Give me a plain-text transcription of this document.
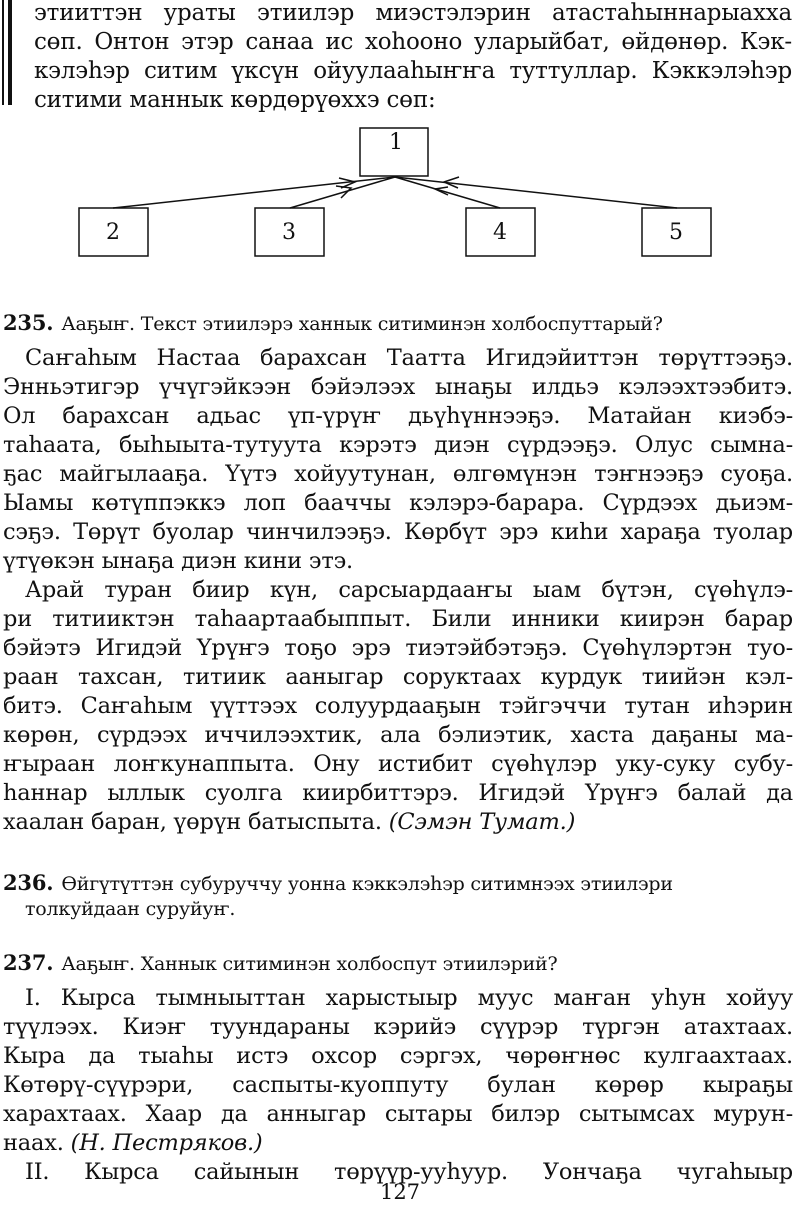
этииттэн ураты этиилэр миэстэлэрин атастаһыннарыахха
сөп. Онтон этэр санаа ис хоһооно уларыйбат, өйдөнөр. Кэк-
кэлэһэр ситим үксүн ойуулааһыҥҥа туттуллар. Кэккэлэһэр
ситими маннык көрдөрүөххэ сөп:
1
2	3	4	5
235. Ааҕыҥ. Текст этиилэрэ ханнык ситиминэн холбоспуттарый?
Саҥаһым Настаа барахсан Таатта Игидэйиттэн төрүттээҕэ.
Энньэтигэр үчүгэйкээн бэйэлээх ынаҕы илдьэ кэлээхтээбитэ.
Ол барахсан адьас үп-үрүҥ дьүһүннээҕэ. Матайан киэбэ-
таһаата, быһыыта-тутуута кэрэтэ диэн сүрдээҕэ. Олус сымна-
ҕас майгылааҕа. Үүтэ хойуутунан, өлгөмүнэн тэҥнээҕэ суоҕа.
Ыамы көтүппэккэ лоп бааччы кэлэрэ-барара. Сүрдээх дьиэм-
сэҕэ. Төрүт буолар чинчилээҕэ. Көрбүт эрэ киһи хараҕа туолар
үтүөкэн ынаҕа диэн кини этэ.
Арай туран биир күн, сарсыардааҥы ыам бүтэн, сүөһүлэ-
ри титииктэн таһаартаабыппыт. Били инники киирэн барар
бэйэтэ Игидэй Үрүҥэ тоҕо эрэ тиэтэйбэтэҕэ. Сүөһүлэртэн туо-
раан тахсан, титиик ааныгар соруктаах курдук тиийэн кэл-
битэ. Саҥаһым үүттээх солуурдааҕын тэйгэччи тутан иһэрин
көрөн, сүрдээх иччилээхтик, ала бэлиэтик, хаста даҕаны ма-
ҥыраан лоҥкунаппыта. Ону истибит сүөһүлэр уку-суку субу-
һаннар ыллык суолга киирбиттэрэ. Игидэй Үрүҥэ балай да
хаалан баран, үөрүн батыспыта. (Сэмэн Тумат.)
236. Өйгүтүттэн субуруччу уонна кэккэлэһэр ситимнээх этиилэри
толкуйдаан суруйуҥ.
237. Ааҕыҥ. Ханнык ситиминэн холбоспут этиилэрий?
I. Кырса тымныыттан харыстыыр муус маҥан уһун хойуу
түүлээх. Киэҥ туундараны кэрийэ сүүрэр түргэн атахтаах.
Кыра да тыаһы истэ охсор сэргэх, чөрөҥнөс кулгаахтаах.
Көтөрү-сүүрэри, саспыты-куоппуту булан көрөр кыраҕы
харахтаах. Хаар да анныгар сытары билэр сытымсах мурун-
наах. (Н. Пестряков.)
II. Кырса сайынын төрүүр-ууһуур. Уончаҕа чугаһыыр
127
